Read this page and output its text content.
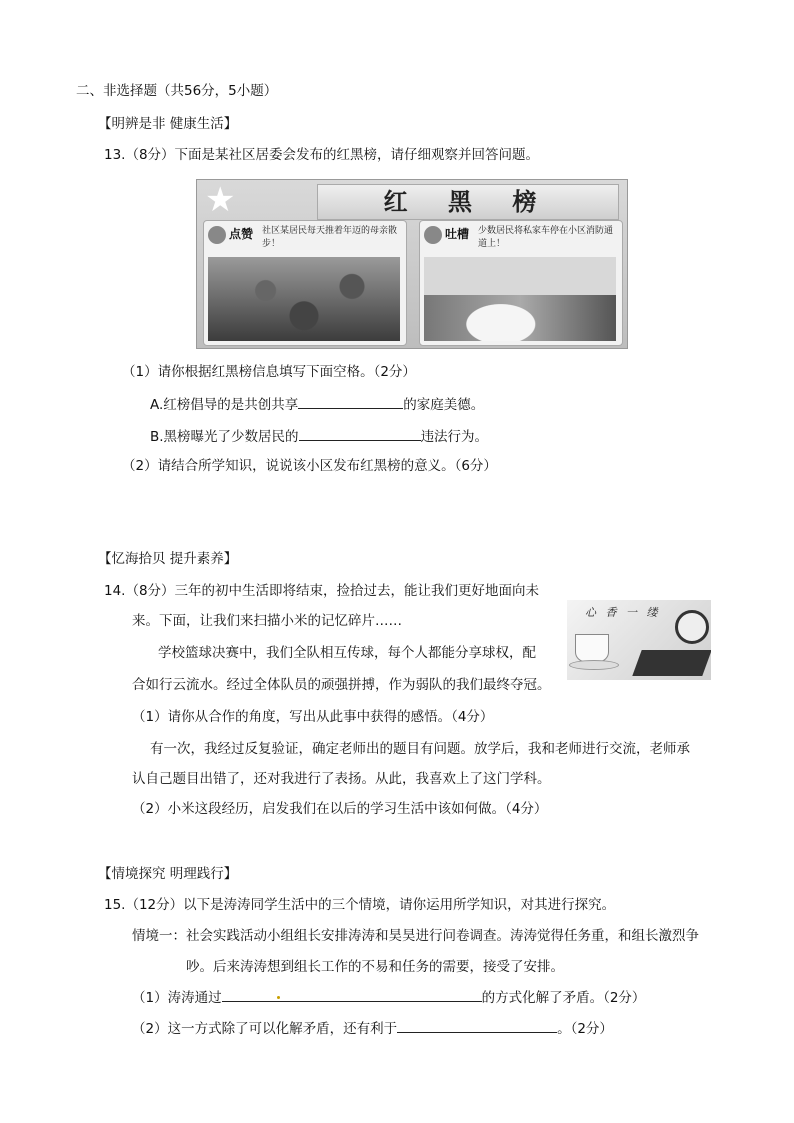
二、非选择题（共56分，5小题）
【明辨是非 健康生活】
13.（8分）下面是某社区居委会发布的红黑榜，请仔细观察并回答问题。
★	红 黑 榜
点赞 社区某居民每天推着年迈的母亲散步！
吐槽 少数居民将私家车停在小区消防通道上！
（1）请你根据红黑榜信息填写下面空格。（2分）
A.红榜倡导的是共创共享	的家庭美德。
B.黑榜曝光了少数居民的	违法行为。
（2）请结合所学知识，说说该小区发布红黑榜的意义。（6分）
【忆海拾贝 提升素养】
14.（8分）三年的初中生活即将结束，捡拾过去，能让我们更好地面向未
来。下面，让我们来扫描小米的记忆碎片……
学校篮球决赛中，我们全队相互传球，每个人都能分享球权，配
合如行云流水。经过全体队员的顽强拼搏，作为弱队的我们最终夺冠。
心 香 一 缕
（1）请你从合作的角度，写出从此事中获得的感悟。（4分）
有一次，我经过反复验证，确定老师出的题目有问题。放学后，我和老师进行交流，老师承
认自己题目出错了，还对我进行了表扬。从此，我喜欢上了这门学科。
（2）小米这段经历，启发我们在以后的学习生活中该如何做。（4分）
【情境探究 明理践行】
15.（12分）以下是涛涛同学生活中的三个情境，请你运用所学知识，对其进行探究。
情境一：社会实践活动小组组长安排涛涛和昊昊进行问卷调查。涛涛觉得任务重，和组长激烈争
吵。后来涛涛想到组长工作的不易和任务的需要，接受了安排。
（1）涛涛通过	的方式化解了矛盾。（2分）
（2）这一方式除了可以化解矛盾，还有利于	。（2分）
